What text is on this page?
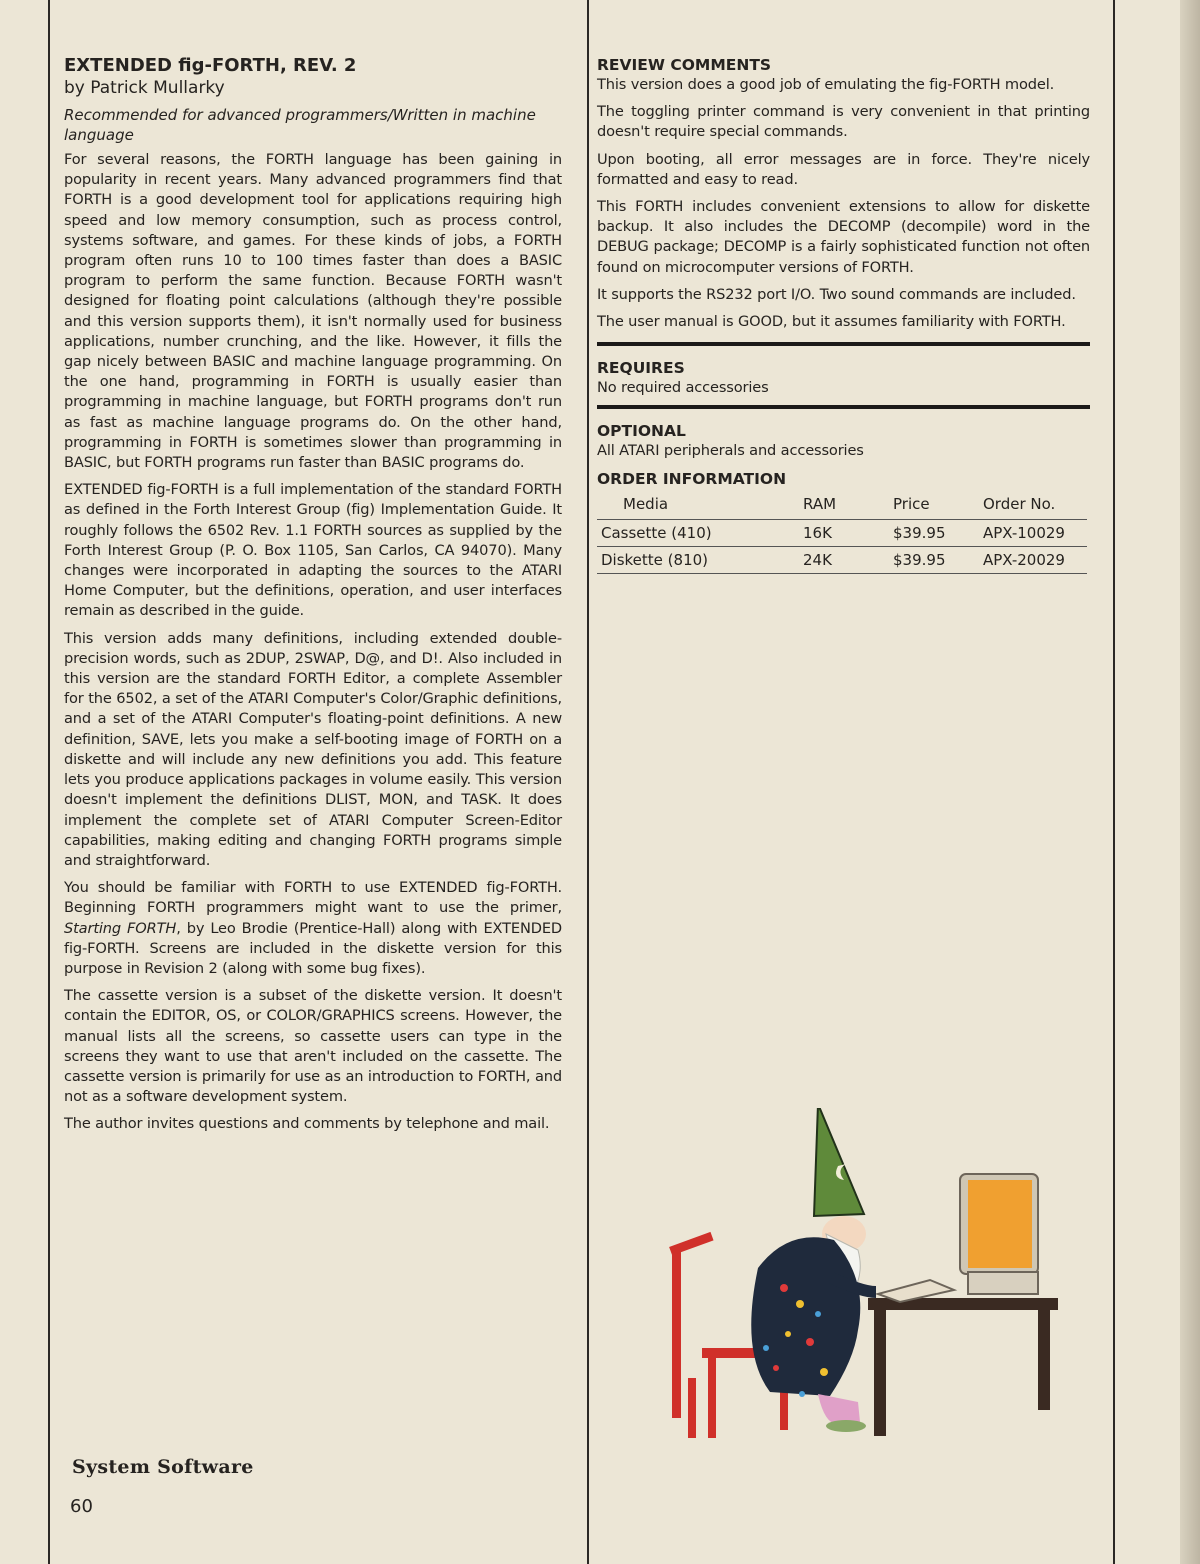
EXTENDED fig-FORTH, REV. 2
by Patrick Mullarky
Recommended for advanced programmers/Written in machine language

For several reasons, the FORTH language has been gaining in popularity in recent years. Many advanced programmers find that FORTH is a good development tool for applications requiring high speed and low memory consumption, such as process control, systems software, and games. For these kinds of jobs, a FORTH program often runs 10 to 100 times faster than does a BASIC program to perform the same function. Because FORTH wasn't designed for floating point calculations (although they're possible and this version supports them), it isn't normally used for business applications, number crunching, and the like. However, it fills the gap nicely between BASIC and machine language programming. On the one hand, programming in FORTH is usually easier than programming in machine language, but FORTH programs don't run as fast as machine language programs do. On the other hand, programming in FORTH is sometimes slower than programming in BASIC, but FORTH programs run faster than BASIC programs do.

EXTENDED fig-FORTH is a full implementation of the standard FORTH as defined in the Forth Interest Group (fig) Implementation Guide. It roughly follows the 6502 Rev. 1.1 FORTH sources as supplied by the Forth Interest Group (P. O. Box 1105, San Carlos, CA 94070). Many changes were incorporated in adapting the sources to the ATARI Home Computer, but the definitions, operation, and user interfaces remain as described in the guide.

This version adds many definitions, including extended double-precision words, such as 2DUP, 2SWAP, D@, and D!. Also included in this version are the standard FORTH Editor, a complete Assembler for the 6502, a set of the ATARI Computer's Color/Graphic definitions, and a set of the ATARI Computer's floating-point definitions. A new definition, SAVE, lets you make a self-booting image of FORTH on a diskette and will include any new definitions you add. This feature lets you produce applications packages in volume easily. This version doesn't implement the definitions DLIST, MON, and TASK. It does implement the complete set of ATARI Computer Screen-Editor capabilities, making editing and changing FORTH programs simple and straightforward.

You should be familiar with FORTH to use EXTENDED fig-FORTH. Beginning FORTH programmers might want to use the primer, Starting FORTH, by Leo Brodie (Prentice-Hall) along with EXTENDED fig-FORTH. Screens are included in the diskette version for this purpose in Revision 2 (along with some bug fixes).

The cassette version is a subset of the diskette version. It doesn't contain the EDITOR, OS, or COLOR/GRAPHICS screens. However, the manual lists all the screens, so cassette users can type in the screens they want to use that aren't included on the cassette. The cassette version is primarily for use as an introduction to FORTH, and not as a software development system.

The author invites questions and comments by telephone and mail.

REVIEW COMMENTS

This version does a good job of emulating the fig-FORTH model.

The toggling printer command is very convenient in that printing doesn't require special commands.

Upon booting, all error messages are in force. They're nicely formatted and easy to read.

This FORTH includes convenient extensions to allow for diskette backup. It also includes the DECOMP (decompile) word in the DEBUG package; DECOMP is a fairly sophisticated function not often found on microcomputer versions of FORTH.

It supports the RS232 port I/O. Two sound commands are included.

The user manual is GOOD, but it assumes familiarity with FORTH.

REQUIRES
No required accessories
OPTIONAL
All ATARI peripherals and accessories
ORDER INFORMATION
Media	RAM	Price	Order No.
Cassette (410)	16K	$39.95	APX-10029
Diskette (810)	24K	$39.95	APX-20029
System Software
60
